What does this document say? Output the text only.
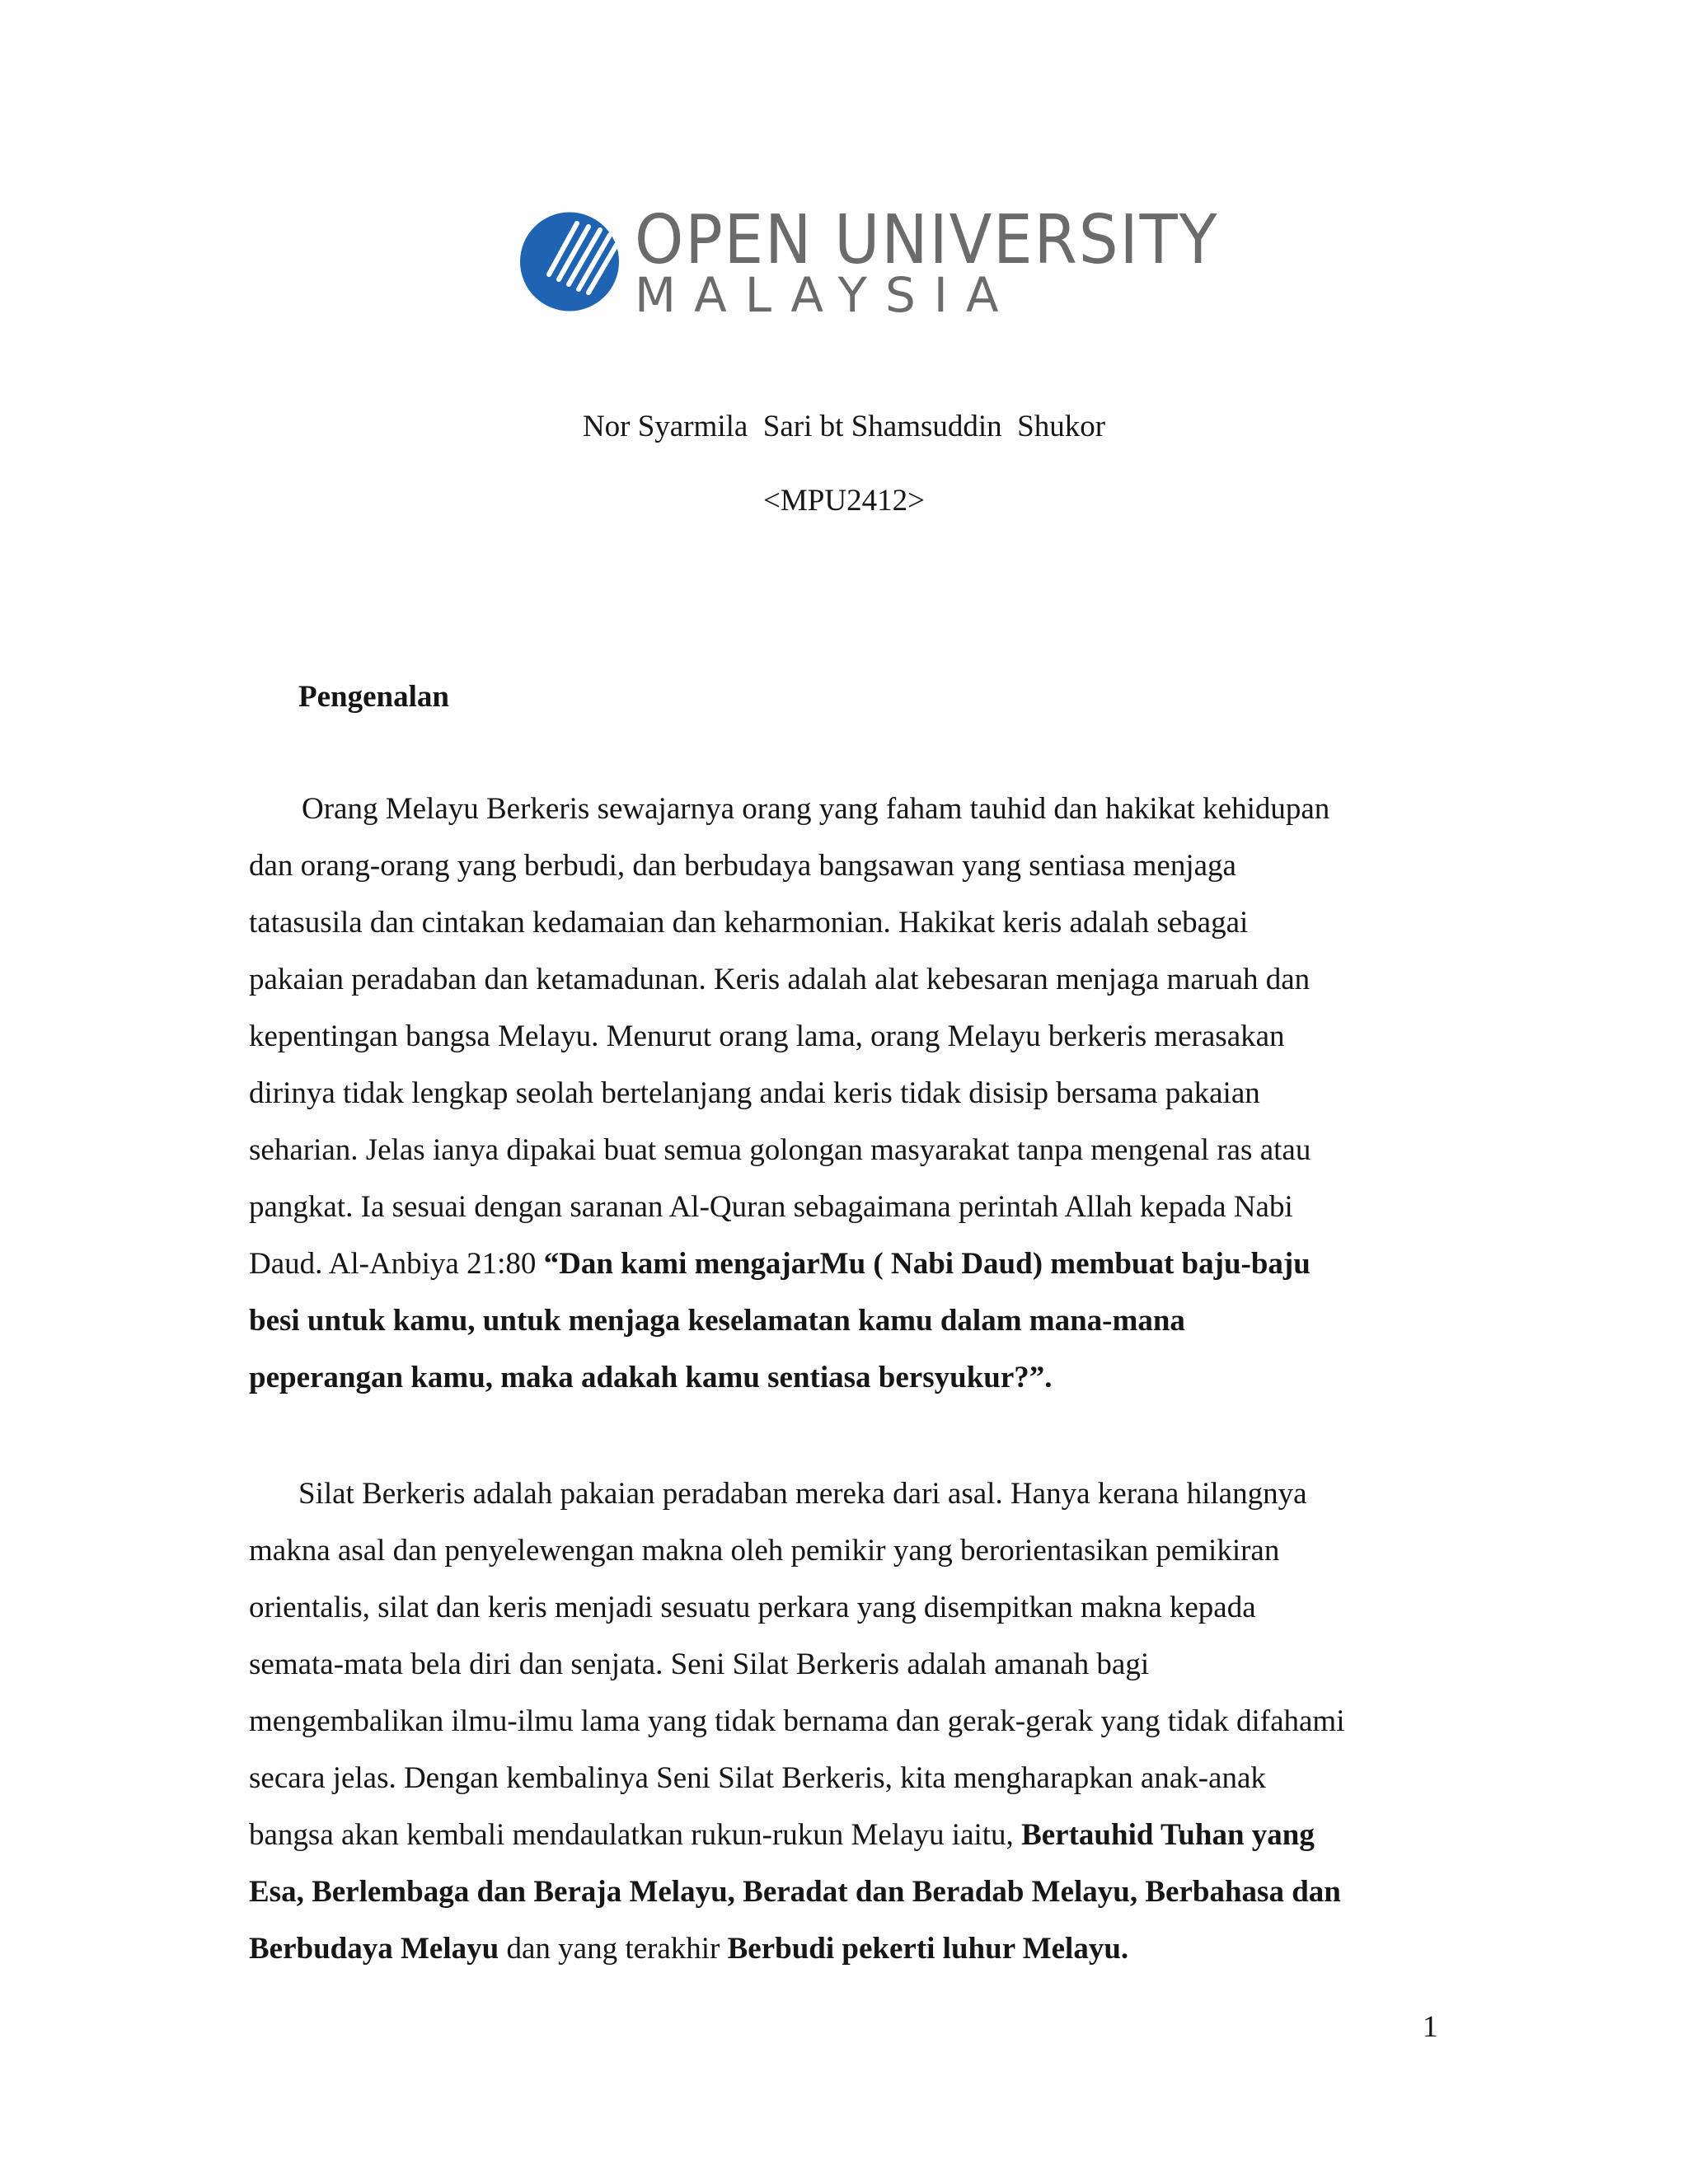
OPEN UNIVERSITY
MALAYSIA
Nor Syarmila  Sari bt Shamsuddin  Shukor
<MPU2412>
Pengenalan
Orang Melayu Berkeris sewajarnya orang yang faham tauhid dan hakikat kehidupan
dan orang-orang yang berbudi, dan berbudaya bangsawan yang sentiasa menjaga
tatasusila dan cintakan kedamaian dan keharmonian. Hakikat keris adalah sebagai
pakaian peradaban dan ketamadunan. Keris adalah alat kebesaran menjaga maruah dan
kepentingan bangsa Melayu. Menurut orang lama, orang Melayu berkeris merasakan
dirinya tidak lengkap seolah bertelanjang andai keris tidak disisip bersama pakaian
seharian. Jelas ianya dipakai buat semua golongan masyarakat tanpa mengenal ras atau
pangkat. Ia sesuai dengan saranan Al-Quran sebagaimana perintah Allah kepada Nabi
Daud. Al-Anbiya 21:80 “Dan kami mengajarMu ( Nabi Daud) membuat baju-baju
besi untuk kamu, untuk menjaga keselamatan kamu dalam mana-mana
peperangan kamu, maka adakah kamu sentiasa bersyukur?”.
Silat Berkeris adalah pakaian peradaban mereka dari asal. Hanya kerana hilangnya
makna asal dan penyelewengan makna oleh pemikir yang berorientasikan pemikiran
orientalis, silat dan keris menjadi sesuatu perkara yang disempitkan makna kepada
semata-mata bela diri dan senjata. Seni Silat Berkeris adalah amanah bagi
mengembalikan ilmu-ilmu lama yang tidak bernama dan gerak-gerak yang tidak difahami
secara jelas. Dengan kembalinya Seni Silat Berkeris, kita mengharapkan anak-anak
bangsa akan kembali mendaulatkan rukun-rukun Melayu iaitu, Bertauhid Tuhan yang
Esa, Berlembaga dan Beraja Melayu, Beradat dan Beradab Melayu, Berbahasa dan
Berbudaya Melayu dan yang terakhir Berbudi pekerti luhur Melayu.
1
